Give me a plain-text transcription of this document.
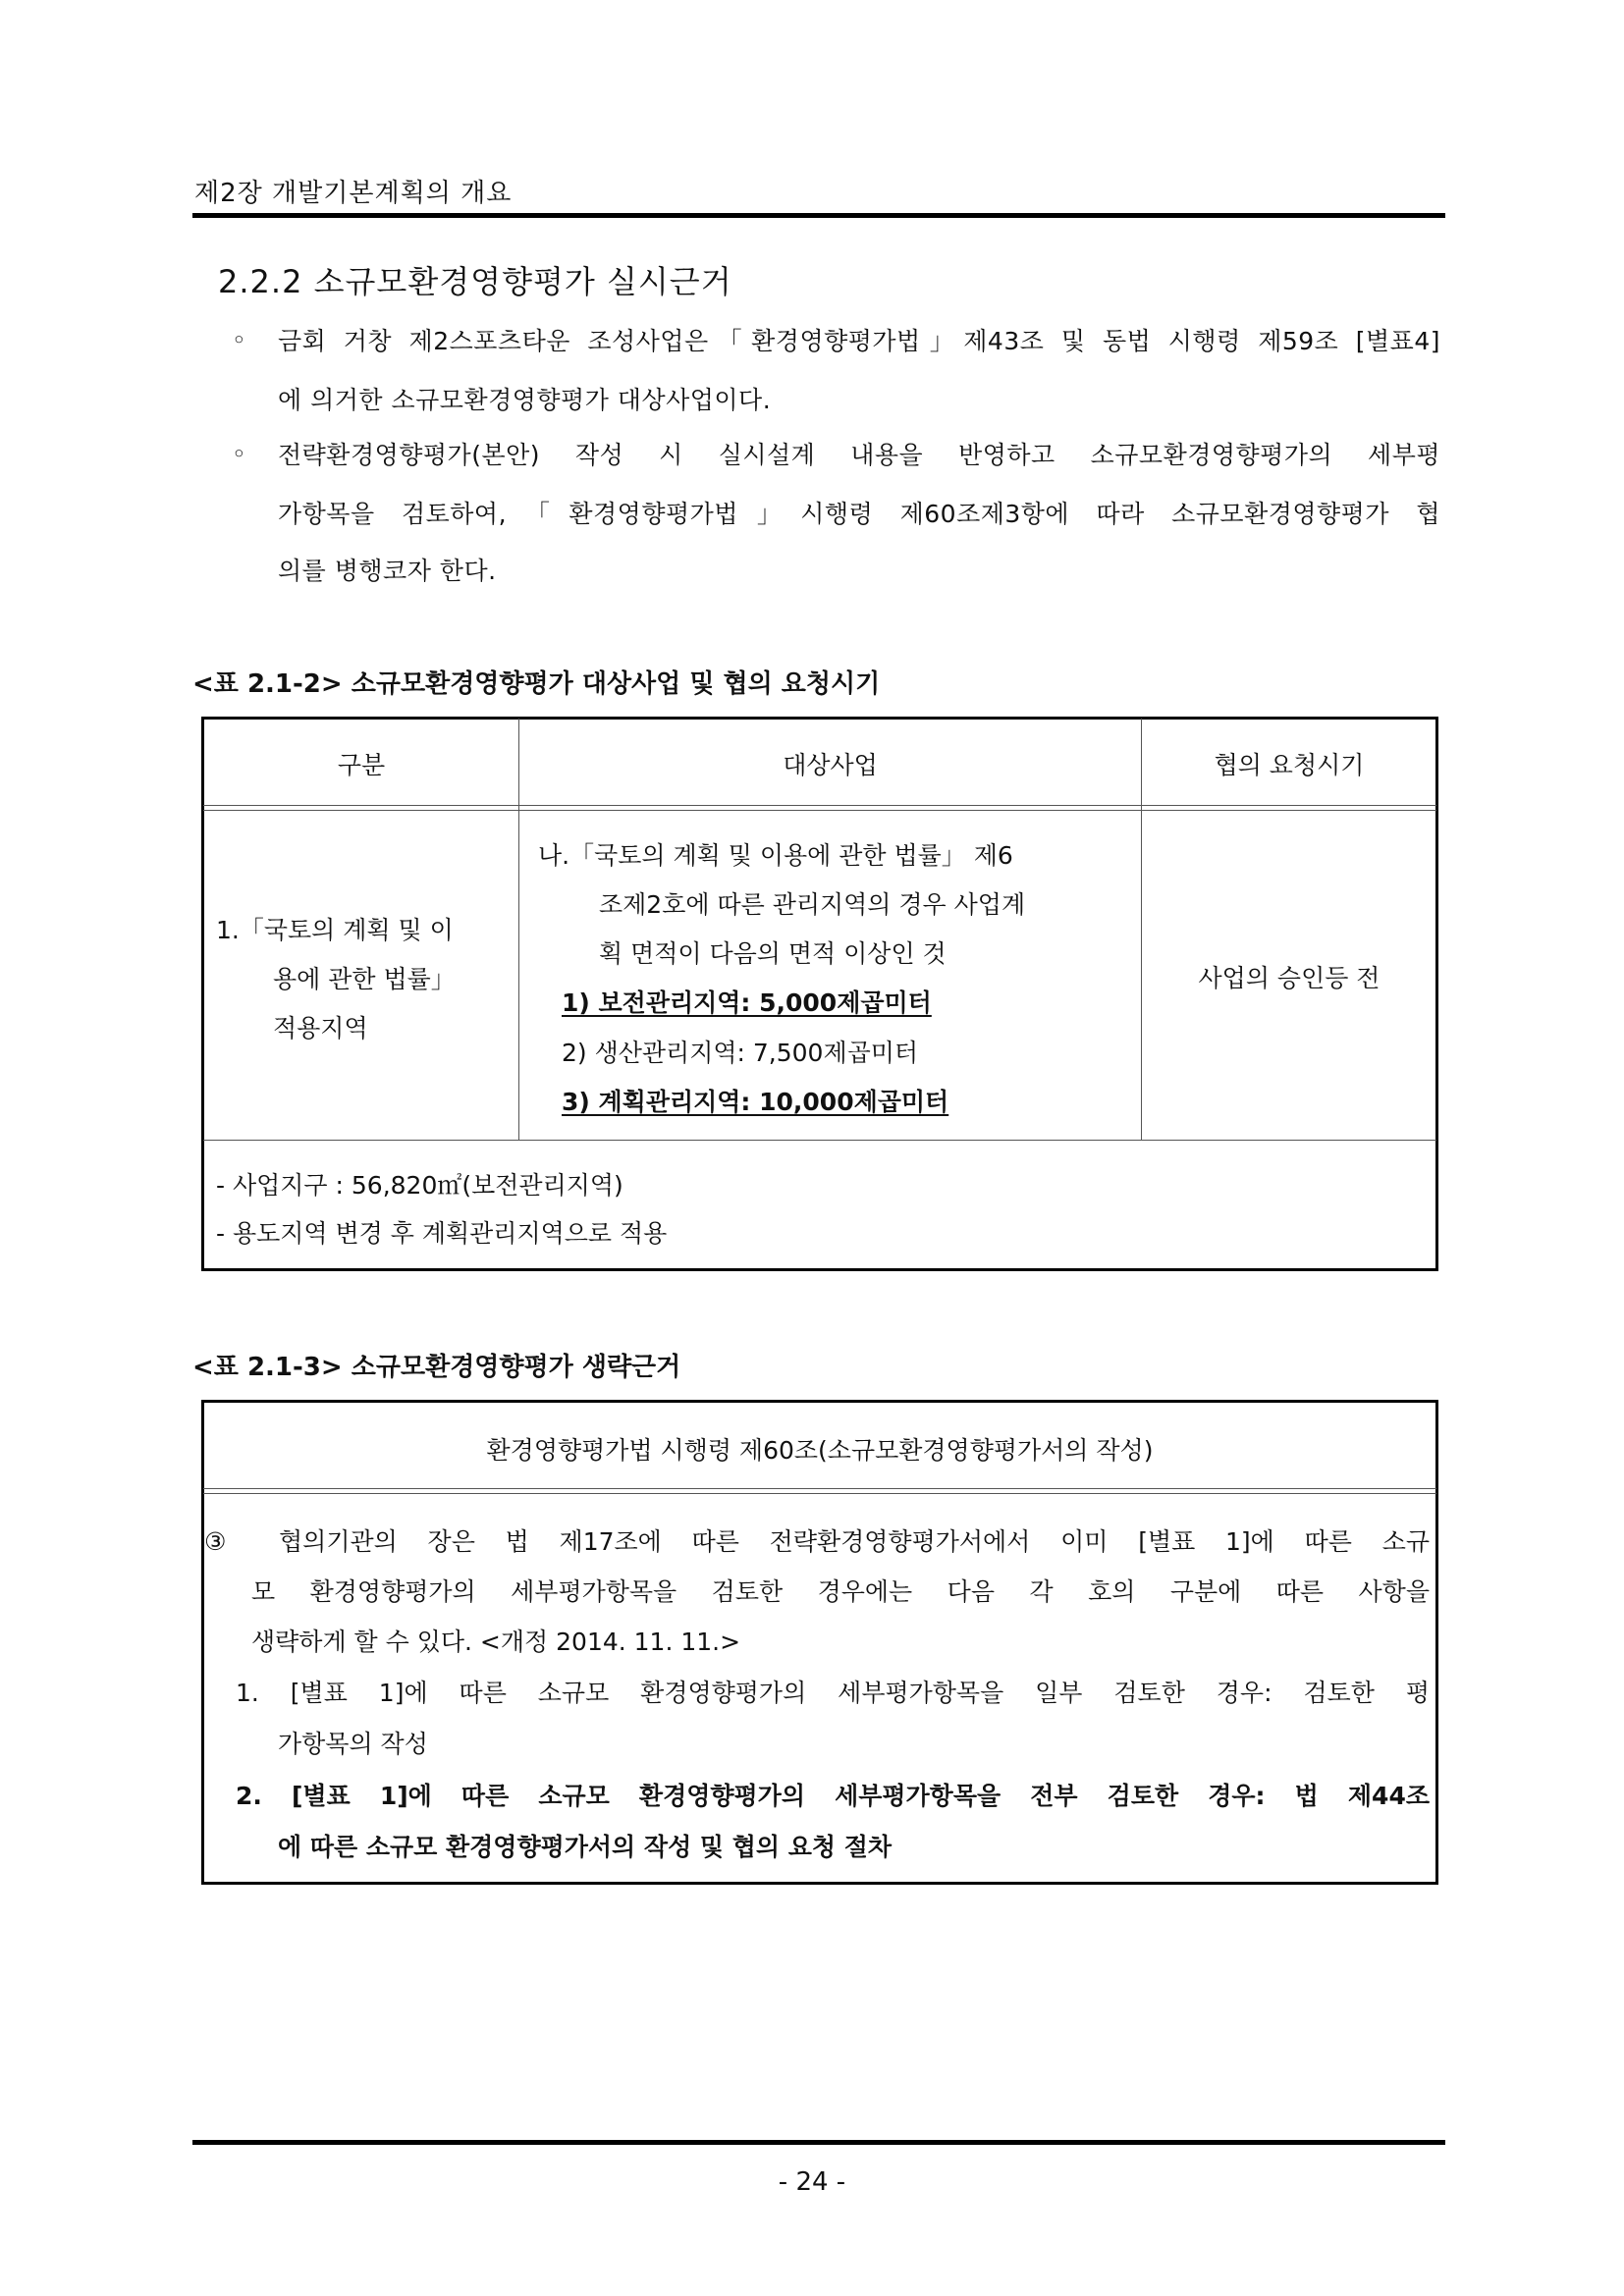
제2장 개발기본계획의 개요
2.2.2 소규모환경영향평가 실시근거
◦ 금회 거창 제2스포츠타운 조성사업은「환경영향평가법」제43조 및 동법 시행령 제59조 [별표4]
에 의거한 소규모환경영향평가 대상사업이다.
◦ 전략환경영향평가(본안) 작성 시 실시설계 내용을 반영하고 소규모환경영향평가의 세부평
가항목을 검토하여,「환경영향평가법」시행령 제60조제3항에 따라 소규모환경영향평가 협
의를 병행코자 한다.
<표 2.1-2> 소규모환경영향평가 대상사업 및 협의 요청시기
구분	대상사업	협의 요청시기
1.「국토의 계획 및 이
용에 관한 법률」
적용지역
나.「국토의 계획 및 이용에 관한 법률」 제6
조제2호에 따른 관리지역의 경우 사업계
획 면적이 다음의 면적 이상인 것
1) 보전관리지역: 5,000제곱미터
2) 생산관리지역: 7,500제곱미터
3) 계획관리지역: 10,000제곱미터
사업의 승인등 전
- 사업지구 : 56,820㎡(보전관리지역)
- 용도지역 변경 후 계획관리지역으로 적용
<표 2.1-3> 소규모환경영향평가 생략근거
환경영향평가법 시행령 제60조(소규모환경영향평가서의 작성)
③ 협의기관의 장은 법 제17조에 따른 전략환경영향평가서에서 이미 [별표 1]에 따른 소규
모 환경영향평가의 세부평가항목을 검토한 경우에는 다음 각 호의 구분에 따른 사항을
생략하게 할 수 있다. <개정 2014. 11. 11.>
1. [별표 1]에 따른 소규모 환경영향평가의 세부평가항목을 일부 검토한 경우: 검토한 평
가항목의 작성
2. [별표 1]에 따른 소규모 환경영향평가의 세부평가항목을 전부 검토한 경우: 법 제44조
에 따른 소규모 환경영향평가서의 작성 및 협의 요청 절차
- 24 -
